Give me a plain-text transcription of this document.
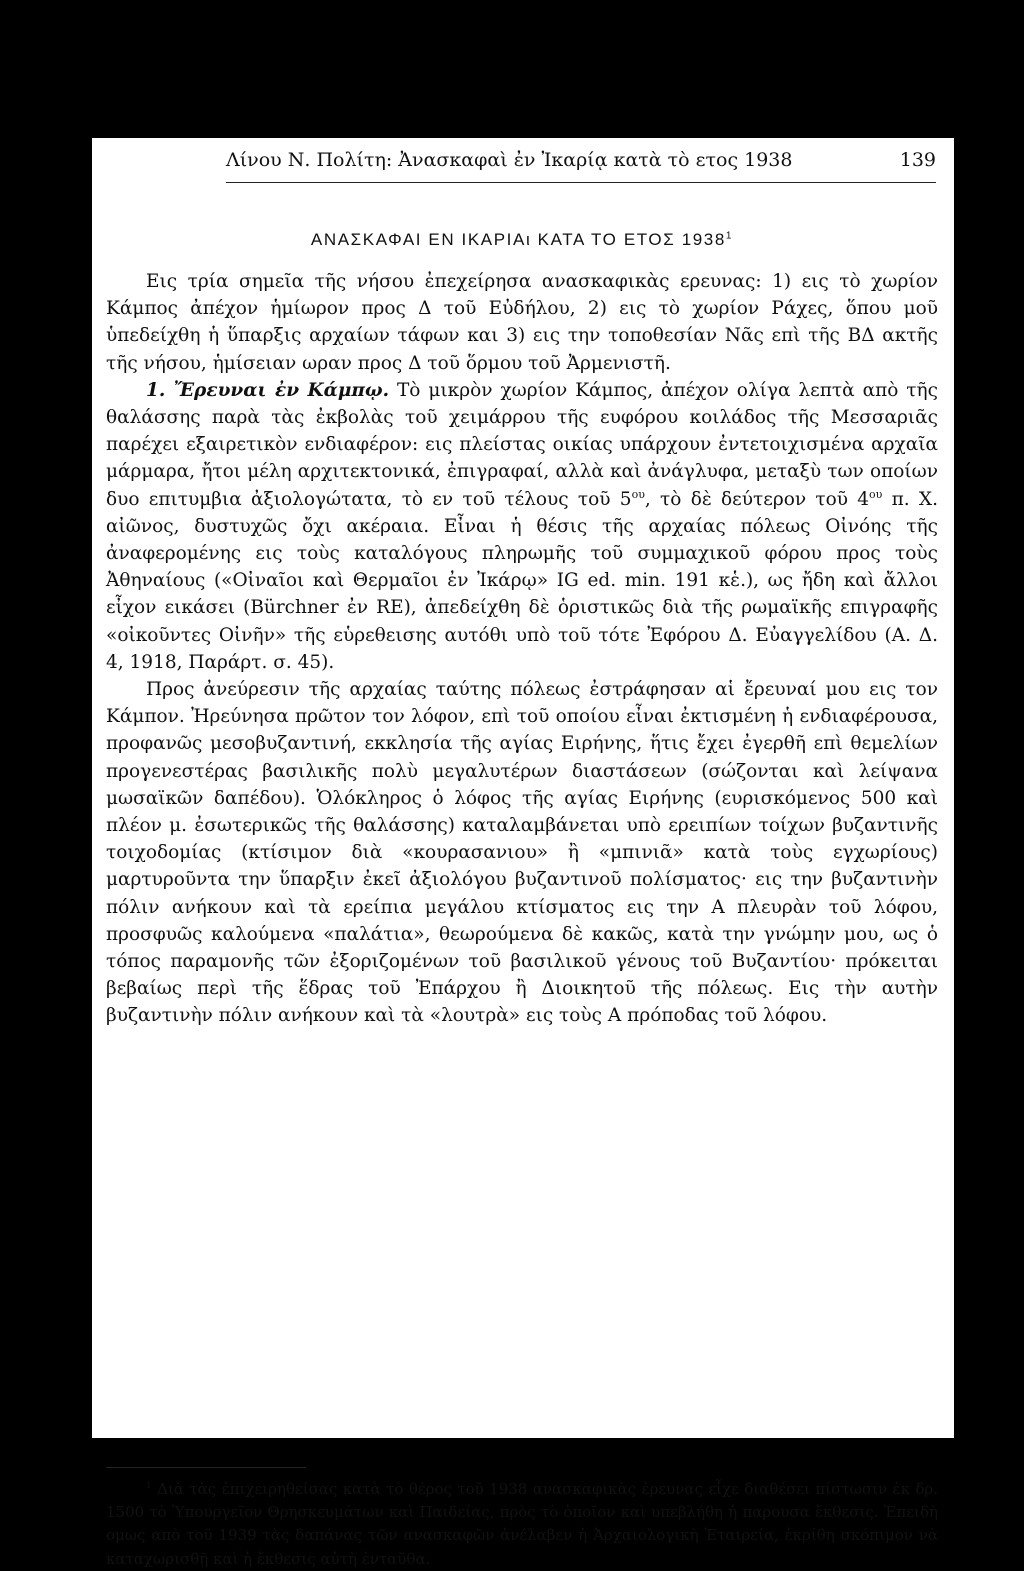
Λίνου Ν. Πολίτη: Ἀνασκαφαὶ ἐν Ἰκαρίᾳ κατὰ τὸ ετος 1938	139
ΑΝΑΣΚΑΦΑΙ ΕΝ ΙΚΑΡΙΑι ΚΑΤΑ ΤΟ ΕΤΟΣ 1938$^1$

Εις τρία σημεῖα τῆς νήσου ἐπεχείρησα ανασκαφικὰς ερευνας: 1) εις τὸ χωρίον Κάμπος ἀπέχον ἡμίωρον προς Δ τοῦ Εὐδήλου, 2) εις τὸ χωρίον Ράχες, ὅπου μοῦ ὑπεδείχθη ἡ ὕπαρξις αρχαίων τάφων και 3) εις την τοποθεσίαν Νᾶς επὶ τῆς ΒΔ ακτῆς τῆς νήσου, ἡμίσειαν ωραν προς Δ τοῦ ὅρμου τοῦ Ἀρμενιστῆ.

1. Ἔρευναι ἐν Κάμπῳ. Τὸ μικρὸν χωρίον Κάμπος, ἀπέχον ολίγα λεπτὰ απὸ τῆς θαλάσσης παρὰ τὰς ἐκβολὰς τοῦ χειμάρρου τῆς ευφόρου κοιλάδος τῆς Μεσσαριᾶς παρέχει εξαιρετικὸν ενδιαφέρον: εις πλείστας οικίας υπάρχουν ἐντετοιχισμένα αρχαῖα μάρμαρα, ἤτοι μέλη αρχιτεκτονικά, ἐπιγραφαί, αλλὰ καὶ ἀνάγλυφα, μεταξὺ των οποίων δυο επιτυμβια ἀξιολογώτατα, τὸ εν τοῦ τέλους τοῦ $5^{o\upsilon}$, τὸ δὲ δεύτερον τοῦ $4^{o\upsilon}$ π. Χ. αἰῶνος, δυστυχῶς ὄχι ακέραια. Εἶναι ἡ θέσις τῆς αρχαίας πόλεως Οἰνόης τῆς ἀναφερομένης εις τοὺς καταλόγους πληρωμῆς τοῦ συμμαχικοῦ φόρου προς τοὺς Ἀθηναίους («Οἰναῖοι καὶ Θερμαῖοι ἐν Ἰκάρῳ» IG ed. min. 191 κἑ.), ως ἤδη καὶ ἄλλοι εἶχον εικάσει (Bürchner ἐν RE), ἀπεδείχθη δὲ ὁριστικῶς διὰ τῆς ρωμαϊκῆς επιγραφῆς «οἰκοῦντες Οἰνῆν» τῆς εὑρεθεισης αυτόθι υπὸ τοῦ τότε Ἐφόρου Δ. Εὐαγγελίδου (Α. Δ. 4, 1918, Παράρτ. σ. 45).

Προς ἀνεύρεσιν τῆς αρχαίας ταύτης πόλεως ἐστράφησαν αἱ ἔρευναί μου εις τον Κάμπον. Ἠρεύνησα πρῶτον τον λόφον, επὶ τοῦ οποίου εἶναι ἐκτισμένη ἡ ενδιαφέρουσα, προφανῶς μεσοβυζαντινή, εκκλησία τῆς αγίας Ειρήνης, ἥτις ἔχει ἐγερθῆ επὶ θεμελίων προγενεστέρας βασιλικῆς πολὺ μεγαλυτέρων διαστάσεων (σώζονται καὶ λείψανα μωσαϊκῶν δαπέδου). Ὁλόκληρος ὁ λόφος τῆς αγίας Ειρήνης (ευρισκόμενος 500 καὶ πλέον μ. ἐσωτερικῶς τῆς θαλάσσης) καταλαμβάνεται υπὸ ερειπίων τοίχων βυζαντινῆς τοιχοδομίας (κτίσιμον διὰ «κουρασανιου» ἢ «μπινιᾶ» κατὰ τοὺς εγχωρίους) μαρτυροῦντα την ὕπαρξιν ἐκεῖ ἀξιολόγου βυζαντινοῦ πολίσματος· εις την βυζαντινὴν πόλιν ανήκουν καὶ τὰ ερείπια μεγάλου κτίσματος εις την Α πλευρὰν τοῦ λόφου, προσφυῶς καλούμενα «παλάτια», θεωρούμενα δὲ κακῶς, κατὰ την γνώμην μου, ως ὁ τόπος παραμονῆς τῶν ἐξοριζομένων τοῦ βασιλικοῦ γένους τοῦ Βυζαντίου· πρόκειται βεβαίως περὶ τῆς ἕδρας τοῦ Ἐπάρχου ἢ Διοικητοῦ τῆς πόλεως. Εις τὴν αυτὴν βυζαντινὴν πόλιν ανήκουν καὶ τὰ «λουτρὰ» εις τοὺς Α πρόποδας τοῦ λόφου.

$^1$ Διὰ τὰς ἐπιχειρηθείσας κατὰ τὸ θέρος τοῦ 1938 ανασκαφικὰς ἐρευνας εἶχε διαθέσει πίστωσιν ἐκ δρ. 1500 τὸ Ὑπουργεῖον Θρησκευμάτων καὶ Παιδείας, πρὸς τὸ ὁποῖον καὶ υπεβλήθη ἡ παρουσα ἔκθεσις. Ἐπειδὴ ομως απὸ τοῦ 1939 τὰς δαπάνας τῶν ανασκαφῶν ἀνέλαβεν ἡ Ἀρχαιολογικὴ Ἑταιρεία, ἐκρίθη σκόπιμον νὰ καταχωρισθῇ καὶ ἡ ἔκθεσις αὐτὴ ἐνταῦθα.
